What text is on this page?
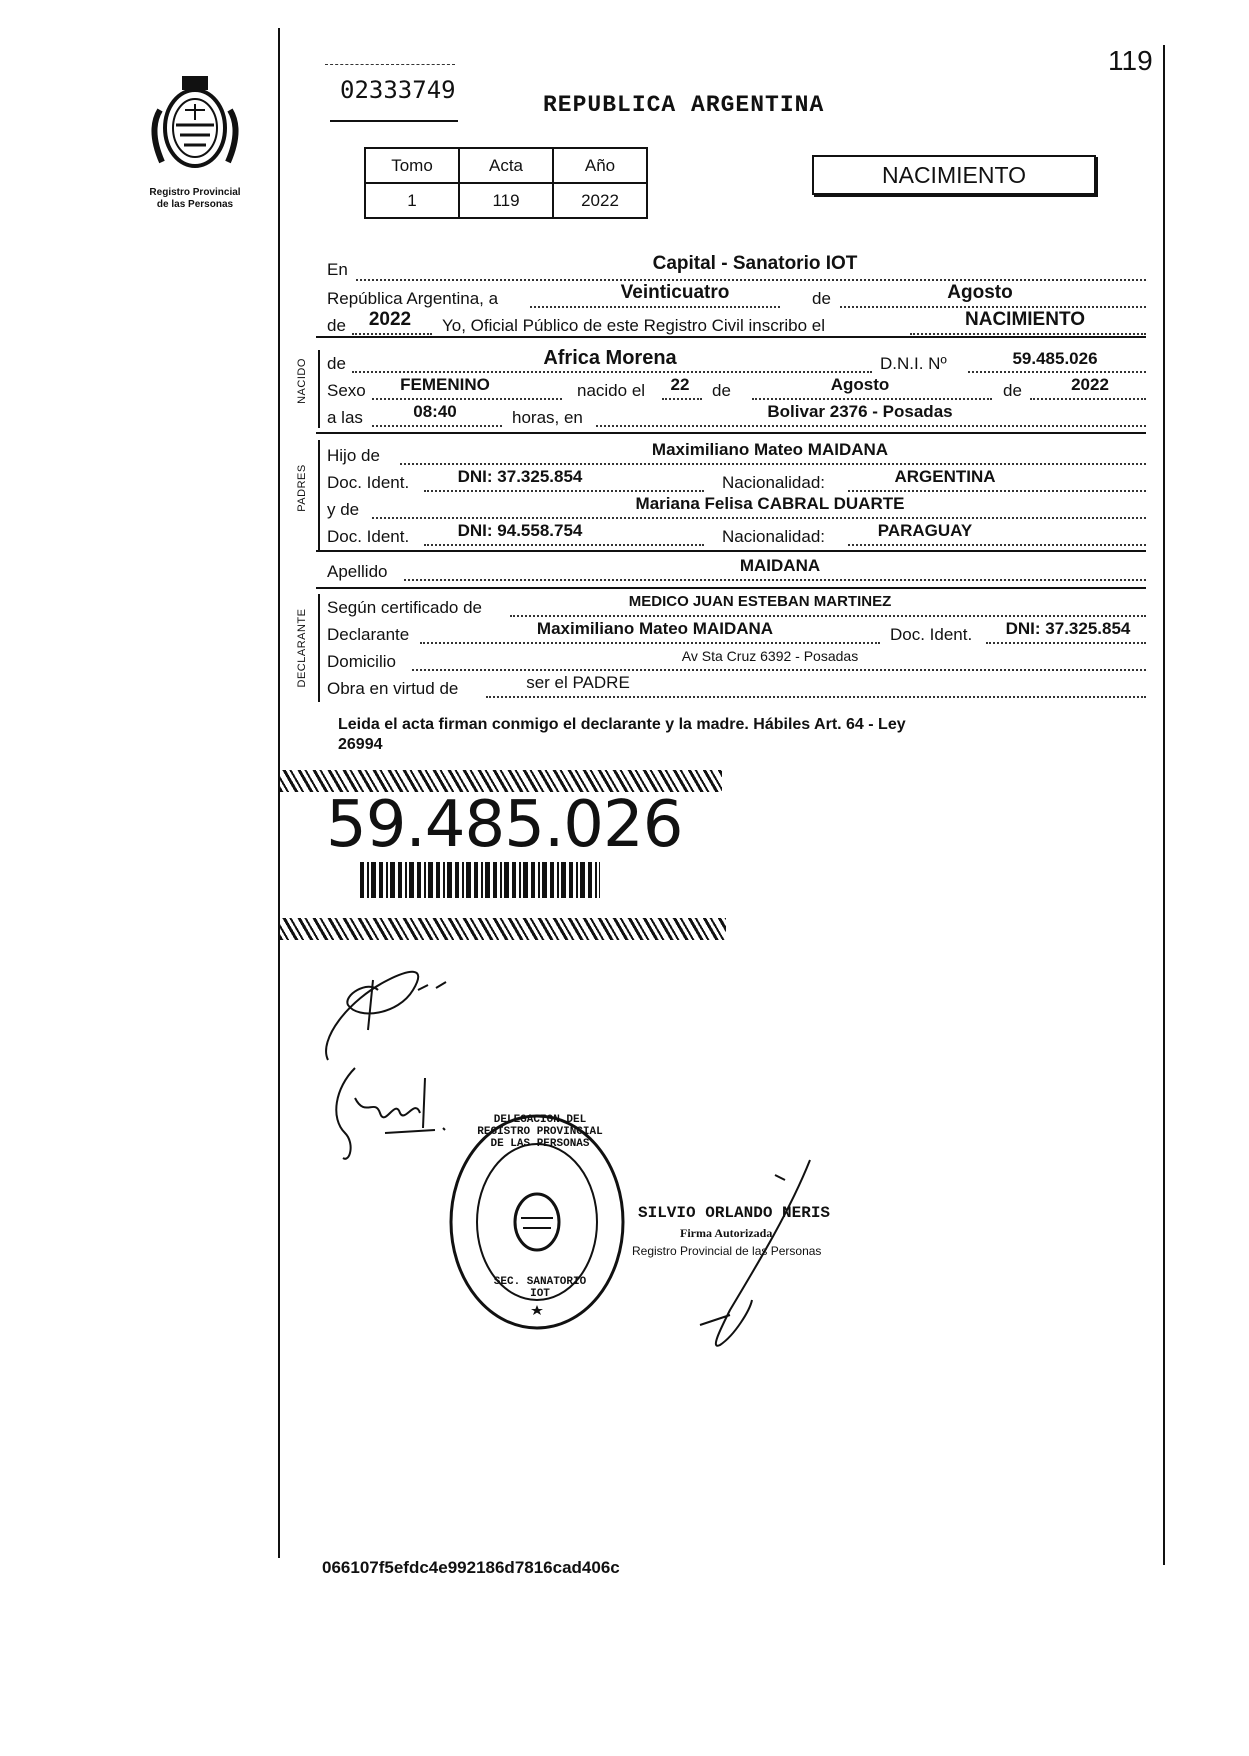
119
Registro Provincial
de las Personas
02333749
REPUBLICA ARGENTINA
Tomo	Acta	Año
1	119	2022
NACIMIENTO
NACIDO
PADRES
DECLARANTE
En	Capital - Sanatorio IOT
República Argentina, a	Veinticuatro	de	Agosto
de	2022	Yo, Oficial Público de este Registro Civil inscribo el	NACIMIENTO
de	Africa Morena	D.N.I. Nº	59.485.026
Sexo	FEMENINO	nacido el	22	de	Agosto	de	2022
a las	08:40	horas, en	Bolivar 2376 - Posadas
Hijo de	Maximiliano Mateo MAIDANA
Doc. Ident.	DNI: 37.325.854	Nacionalidad:	ARGENTINA
y de	Mariana Felisa CABRAL DUARTE
Doc. Ident.	DNI: 94.558.754	Nacionalidad:	PARAGUAY
Apellido	MAIDANA
Según certificado de	MEDICO JUAN ESTEBAN MARTINEZ
Declarante	Maximiliano Mateo MAIDANA	Doc. Ident.	DNI: 37.325.854
Domicilio	Av Sta Cruz 6392 - Posadas
Obra en virtud de	ser el PADRE
Leida el acta firman conmigo el declarante y la madre. Hábiles Art. 64 - Ley
26994
59.485.026
DELEGACION DEL REGISTRO PROVINCIAL DE LAS PERSONAS
SEC. SANATORIO IOT
SILVIO ORLANDO NERIS
Firma Autorizada
Registro Provincial de las Personas
066107f5efdc4e992186d7816cad406c
